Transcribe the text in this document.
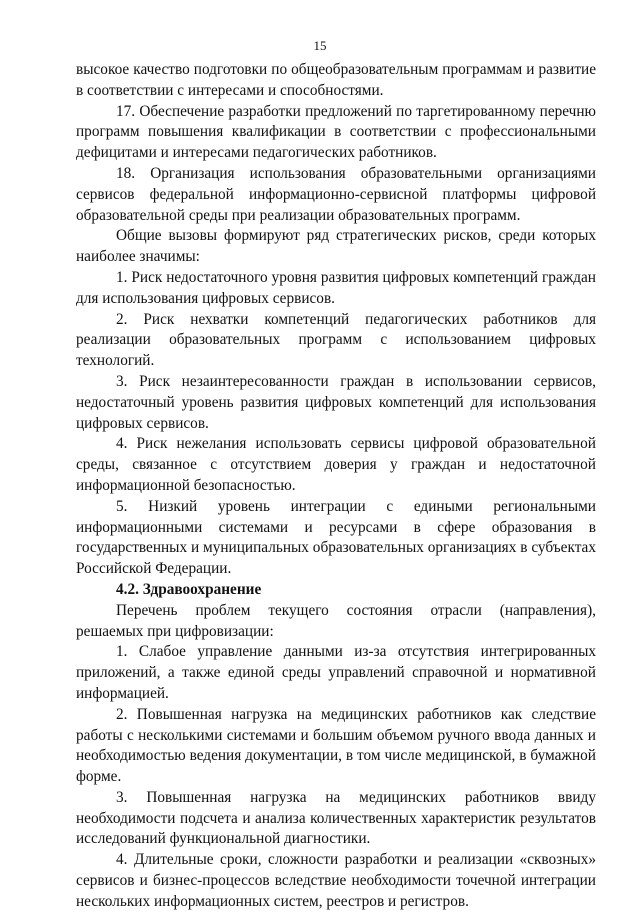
15

высокое качество подготовки по общеобразовательным программам и развитие в соответствии с интересами и способностями.

17. Обеспечение разработки предложений по таргетированному перечню программ повышения квалификации в соответствии с профессиональными дефицитами и интересами педагогических работников.

18. Организация использования образовательными организациями сервисов федеральной информационно-сервисной платформы цифровой образовательной среды при реализации образовательных программ.

Общие вызовы формируют ряд стратегических рисков, среди которых наиболее значимы:

1. Риск недостаточного уровня развития цифровых компетенций граждан для использования цифровых сервисов.

2. Риск нехватки компетенций педагогических работников для реализации образовательных программ с использованием цифровых технологий.

3. Риск незаинтересованности граждан в использовании сервисов, недостаточный уровень развития цифровых компетенций для использования цифровых сервисов.

4. Риск нежелания использовать сервисы цифровой образовательной среды, связанное с отсутствием доверия у граждан и недостаточной информационной безопасностью.

5. Низкий уровень интеграции с едиными региональными информационными системами и ресурсами в сфере образования в государственных и муниципальных образовательных организациях в субъектах Российской Федерации.

4.2. Здравоохранение

Перечень проблем текущего состояния отрасли (направления), решаемых при цифровизации:

1. Слабое управление данными из-за отсутствия интегрированных приложений, а также единой среды управлений справочной и нормативной информацией.

2. Повышенная нагрузка на медицинских работников как следствие работы с несколькими системами и большим объемом ручного ввода данных и необходимостью ведения документации, в том числе медицинской, в бумажной форме.

3. Повышенная нагрузка на медицинских работников ввиду необходимости подсчета и анализа количественных характеристик результатов исследований функциональной диагностики.

4. Длительные сроки, сложности разработки и реализации «сквозных» сервисов и бизнес-процессов вследствие необходимости точечной интеграции нескольких информационных систем, реестров и регистров.
